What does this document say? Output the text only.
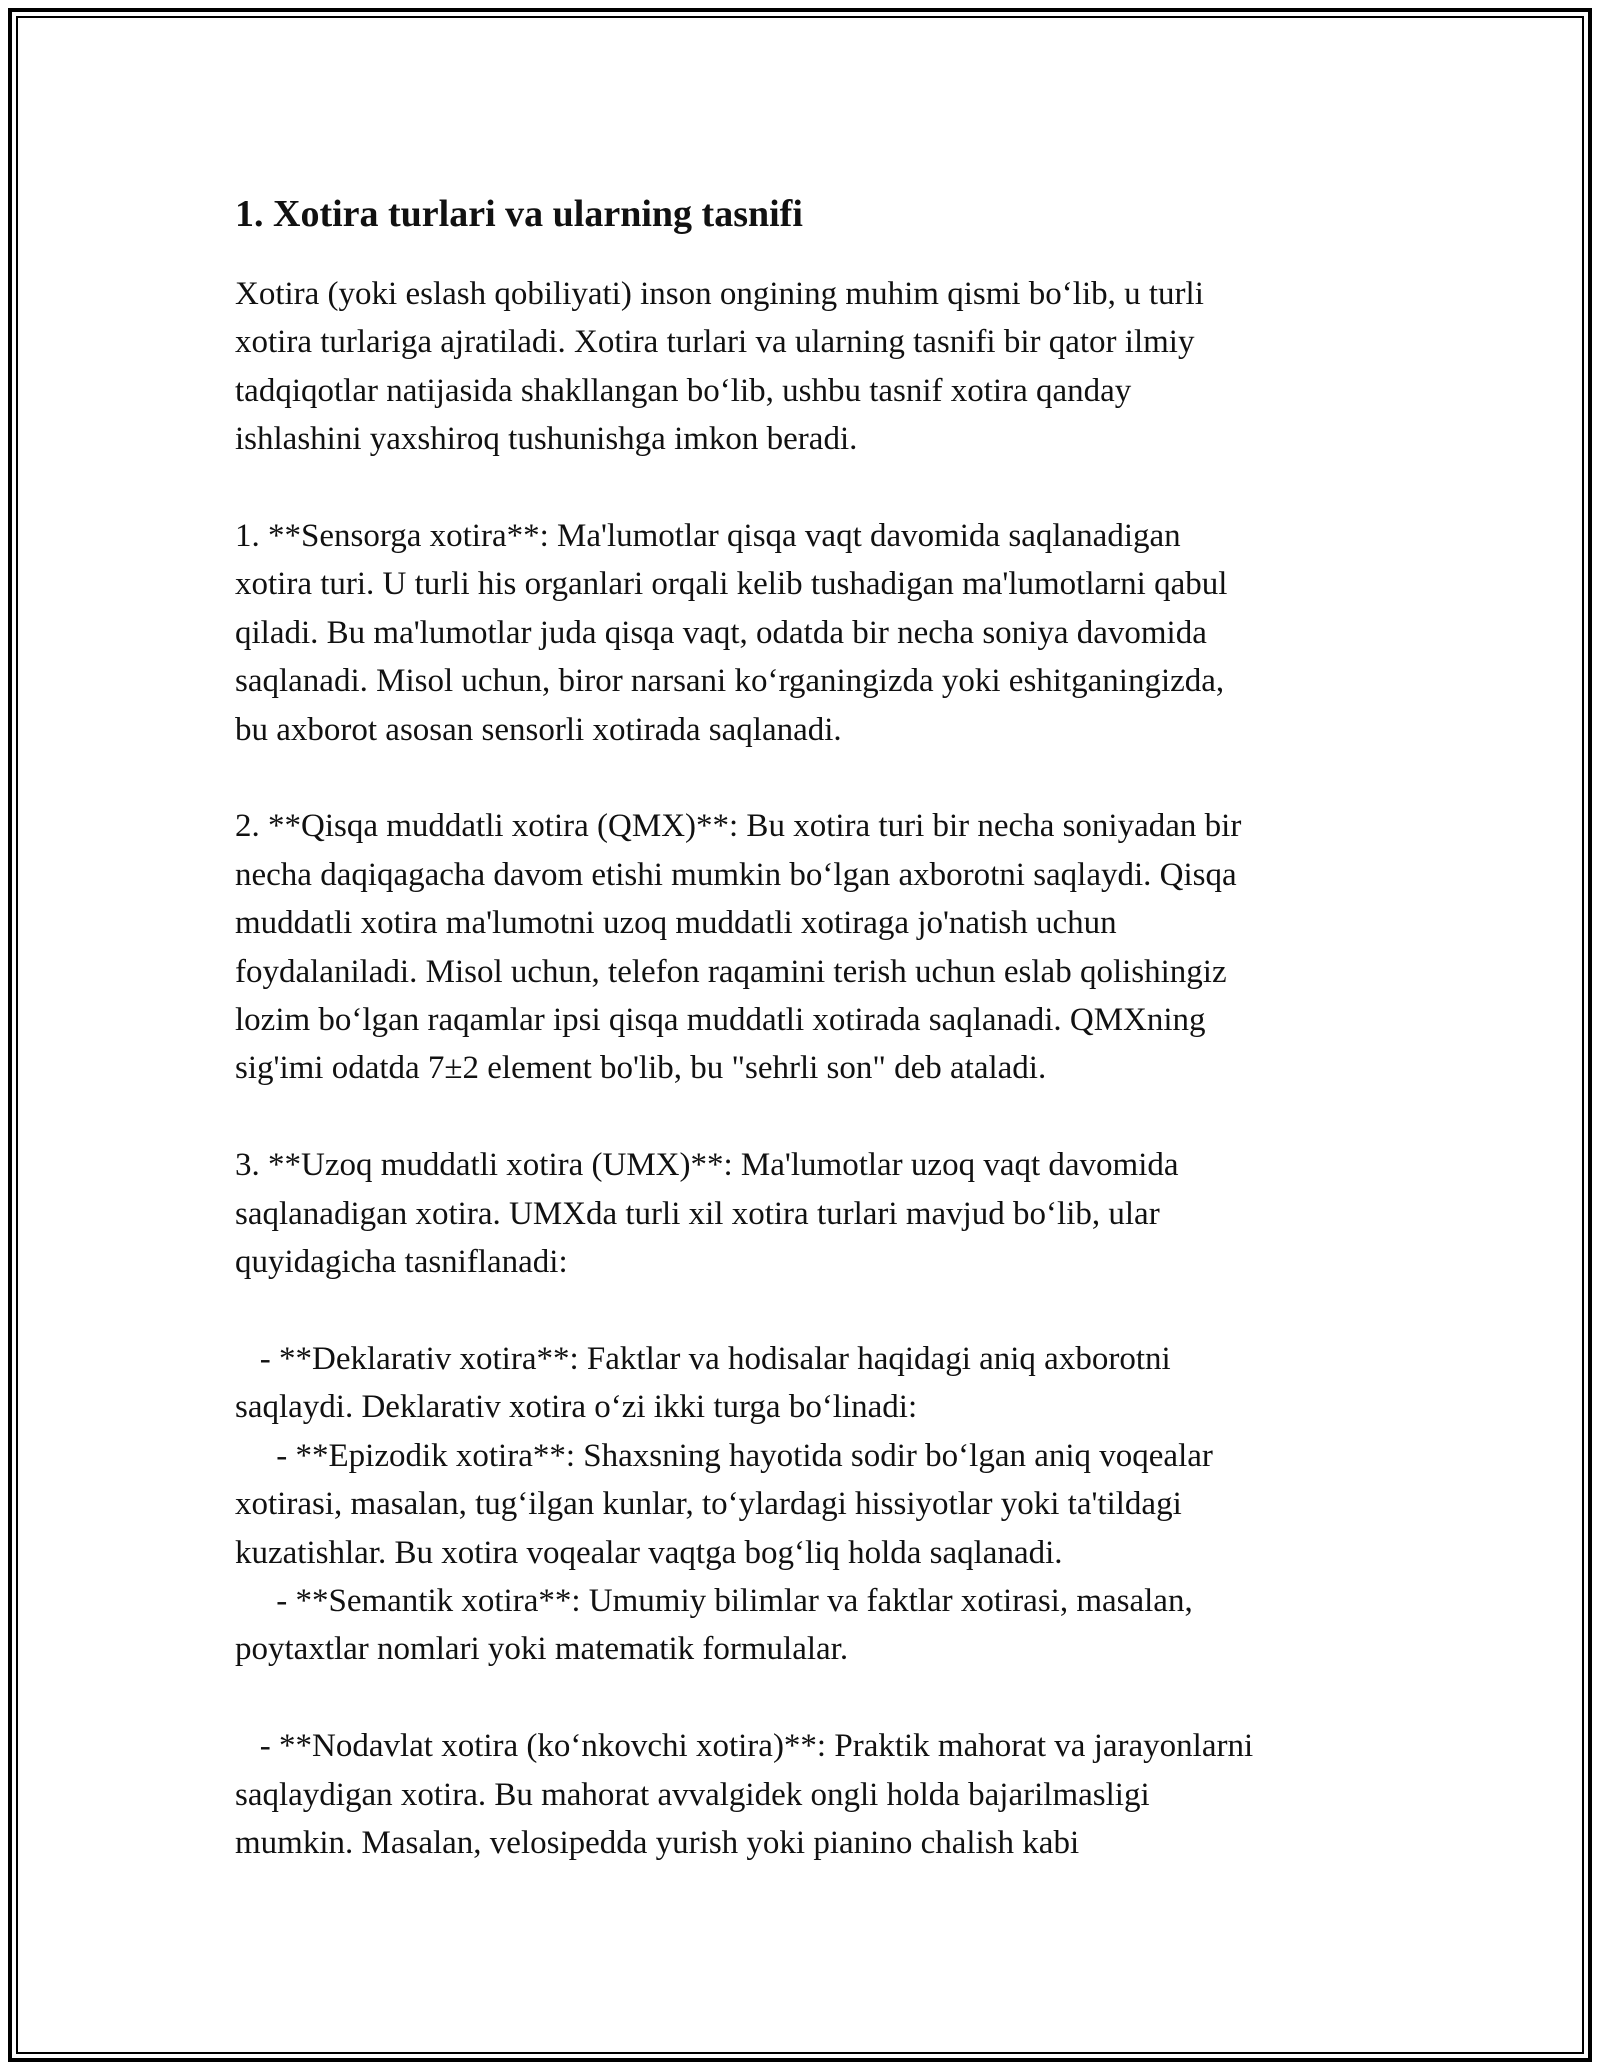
1. Xotira turlari va ularning tasnifi
Xotira (yoki eslash qobiliyati) inson ongining muhim qismi bo‘lib, u turli
xotira turlariga ajratiladi. Xotira turlari va ularning tasnifi bir qator ilmiy
tadqiqotlar natijasida shakllangan bo‘lib, ushbu tasnif xotira qanday
ishlashini yaxshiroq tushunishga imkon beradi.
1. **Sensorga xotira**: Ma'lumotlar qisqa vaqt davomida saqlanadigan
xotira turi. U turli his organlari orqali kelib tushadigan ma'lumotlarni qabul
qiladi. Bu ma'lumotlar juda qisqa vaqt, odatda bir necha soniya davomida
saqlanadi. Misol uchun, biror narsani ko‘rganingizda yoki eshitganingizda,
bu axborot asosan sensorli xotirada saqlanadi.
2. **Qisqa muddatli xotira (QMX)**: Bu xotira turi bir necha soniyadan bir
necha daqiqagacha davom etishi mumkin bo‘lgan axborotni saqlaydi. Qisqa
muddatli xotira ma'lumotni uzoq muddatli xotiraga jo'natish uchun
foydalaniladi. Misol uchun, telefon raqamini terish uchun eslab qolishingiz
lozim bo‘lgan raqamlar ipsi qisqa muddatli xotirada saqlanadi. QMXning
sig'imi odatda 7±2 element bo'lib, bu "sehrli son" deb ataladi.
3. **Uzoq muddatli xotira (UMX)**: Ma'lumotlar uzoq vaqt davomida
saqlanadigan xotira. UMXda turli xil xotira turlari mavjud bo‘lib, ular
quyidagicha tasniflanadi:
- **Deklarativ xotira**: Faktlar va hodisalar haqidagi aniq axborotni
saqlaydi. Deklarativ xotira o‘zi ikki turga bo‘linadi:
- **Epizodik xotira**: Shaxsning hayotida sodir bo‘lgan aniq voqealar
xotirasi, masalan, tug‘ilgan kunlar, to‘ylardagi hissiyotlar yoki ta'tildagi
kuzatishlar. Bu xotira voqealar vaqtga bog‘liq holda saqlanadi.
- **Semantik xotira**: Umumiy bilimlar va faktlar xotirasi, masalan,
poytaxtlar nomlari yoki matematik formulalar.
- **Nodavlat xotira (ko‘nkovchi xotira)**: Praktik mahorat va jarayonlarni
saqlaydigan xotira. Bu mahorat avvalgidek ongli holda bajarilmasligi
mumkin. Masalan, velosipedda yurish yoki pianino chalish kabi
